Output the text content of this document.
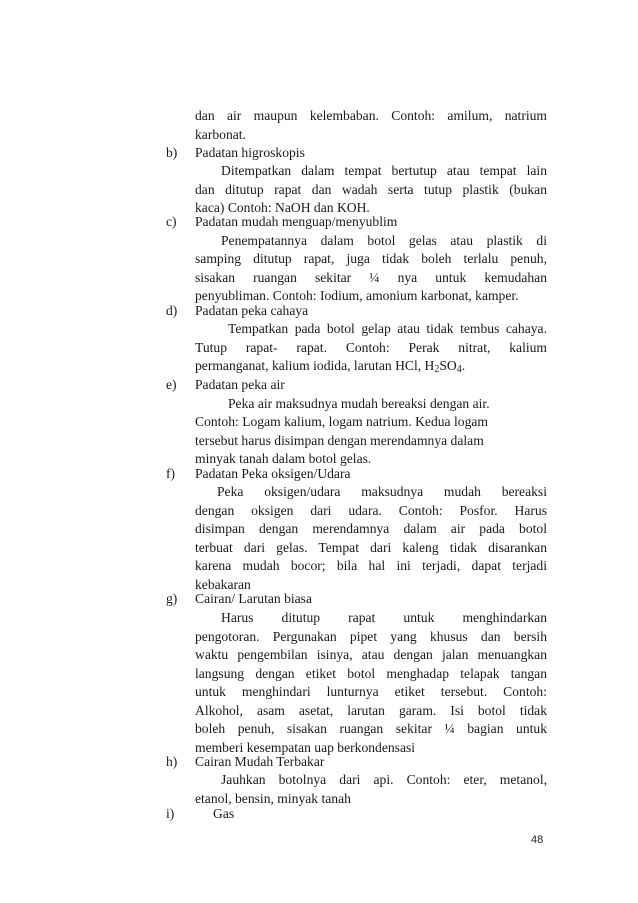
dan air maupun kelembaban. Contoh: amilum, natrium
karbonat.
b) Padatan higroskopis
Ditempatkan dalam tempat bertutup atau tempat lain
dan ditutup rapat dan wadah serta tutup plastik (bukan
kaca) Contoh: NaOH dan KOH.
c) Padatan mudah menguap/menyublim
Penempatannya dalam botol gelas atau plastik di
samping ditutup rapat, juga tidak boleh terlalu penuh,
sisakan ruangan sekitar ¼ nya untuk kemudahan
penyubliman. Contoh: Iodium, amonium karbonat, kamper.
d) Padatan peka cahaya
Tempatkan pada botol gelap atau tidak tembus cahaya.
Tutup rapat- rapat. Contoh: Perak nitrat, kalium
permanganat, kalium iodida, larutan HCl, $H_2SO_4$.
e) Padatan peka air
Peka air maksudnya mudah bereaksi dengan air.
Contoh: Logam kalium, logam natrium. Kedua logam
tersebut harus disimpan dengan merendamnya dalam
minyak tanah dalam botol gelas.
f) Padatan Peka oksigen/Udara
Peka oksigen/udara maksudnya mudah bereaksi
dengan oksigen dari udara. Contoh: Posfor. Harus
disimpan dengan merendamnya dalam air pada botol
terbuat dari gelas. Tempat dari kaleng tidak disarankan
karena mudah bocor; bila hal ini terjadi, dapat terjadi
kebakaran
g) Cairan/ Larutan biasa
Harus ditutup rapat untuk menghindarkan
pengotoran. Pergunakan pipet yang khusus dan bersih
waktu pengembilan isinya, atau dengan jalan menuangkan
langsung dengan etiket botol menghadap telapak tangan
untuk menghindari lunturnya etiket tersebut. Contoh:
Alkohol, asam asetat, larutan garam. Isi botol tidak
boleh penuh, sisakan ruangan sekitar ¼ bagian untuk
memberi kesempatan uap berkondensasi
h) Cairan Mudah Terbakar
Jauhkan botolnya dari api. Contoh: eter, metanol,
etanol, bensin, minyak tanah
i)	Gas
48
